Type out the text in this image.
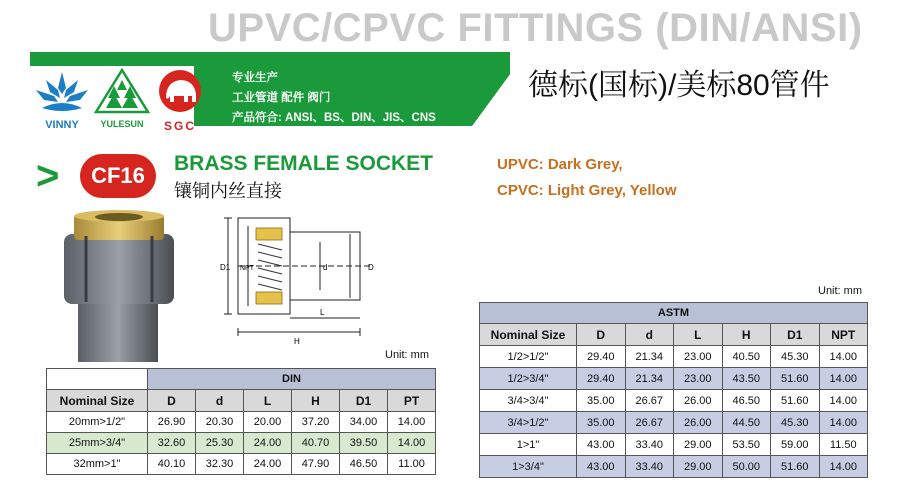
UPVC/CPVC FITTINGS (DIN/ANSI)
德标(国标)/美标80管件
专业生产
工业管道 配件 阀门
产品符合: ANSI、BS、DIN、JIS、CNS
VINNY	YULESUN	SGC
>	CF16	BRASS FEMALE SOCKET
镶铜内丝直接
UPVC: Dark Grey,
CPVC: Light Grey, Yellow
D1 NPT	d	D
L
H
Unit: mm
	DIN					
Nominal Size	D	d	L	H	D1	PT
20mm>1/2"	26.90	20.30	20.00	37.20	34.00	14.00
25mm>3/4"	32.60	25.30	24.00	40.70	39.50	14.00
32mm>1"	40.10	32.30	24.00	47.90	46.50	11.00
Unit: mm
ASTM						
Nominal Size	D	d	L	H	D1	NPT
1/2>1/2"	29.40	21.34	23.00	40.50	45.30	14.00
1/2>3/4"	29.40	21.34	23.00	43.50	51.60	14.00
3/4>3/4"	35.00	26.67	26.00	46.50	51.60	14.00
3/4>1/2"	35.00	26.67	26.00	44.50	45.30	14.00
1>1"	43.00	33.40	29.00	53.50	59.00	11.50
1>3/4"	43.00	33.40	29.00	50.00	51.60	14.00
